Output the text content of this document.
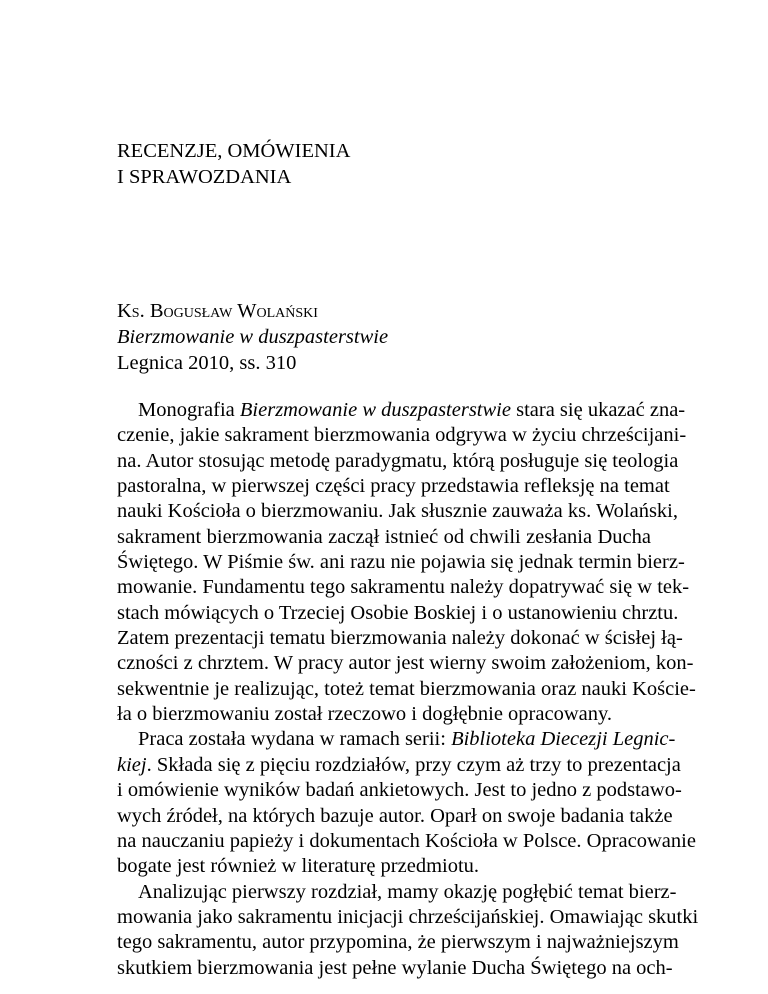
RECENZJE, OMÓWIENIA
I SPRAWOZDANIA
Ks. Bogusław Wolański
Bierzmowanie w duszpasterstwie
Legnica 2010, ss. 310
Monografia Bierzmowanie w duszpasterstwie stara się ukazać zna-
czenie, jakie sakrament bierzmowania odgrywa w życiu chrześcijani-
na. Autor stosując metodę paradygmatu, którą posługuje się teologia
pastoralna, w pierwszej części pracy przedstawia refleksję na temat
nauki Kościoła o bierzmowaniu. Jak słusznie zauważa ks. Wolański,
sakrament bierzmowania zaczął istnieć od chwili zesłania Ducha
Świętego. W Piśmie św. ani razu nie pojawia się jednak termin bierz-
mowanie. Fundamentu tego sakramentu należy dopatrywać się w tek-
stach mówiących o Trzeciej Osobie Boskiej i o ustanowieniu chrztu.
Zatem prezentacji tematu bierzmowania należy dokonać w ścisłej łą-
czności z chrztem. W pracy autor jest wierny swoim założeniom, kon-
sekwentnie je realizując, toteż temat bierzmowania oraz nauki Koście-
ła o bierzmowaniu został rzeczowo i dogłębnie opracowany.
Praca została wydana w ramach serii: Biblioteka Diecezji Legnic-
kiej. Składa się z pięciu rozdziałów, przy czym aż trzy to prezentacja
i omówienie wyników badań ankietowych. Jest to jedno z podstawo-
wych źródeł, na których bazuje autor. Oparł on swoje badania także
na nauczaniu papieży i dokumentach Kościoła w Polsce. Opracowanie
bogate jest również w literaturę przedmiotu.
Analizując pierwszy rozdział, mamy okazję pogłębić temat bierz-
mowania jako sakramentu inicjacji chrześcijańskiej. Omawiając skutki
tego sakramentu, autor przypomina, że pierwszym i najważniejszym
skutkiem bierzmowania jest pełne wylanie Ducha Świętego na och-
